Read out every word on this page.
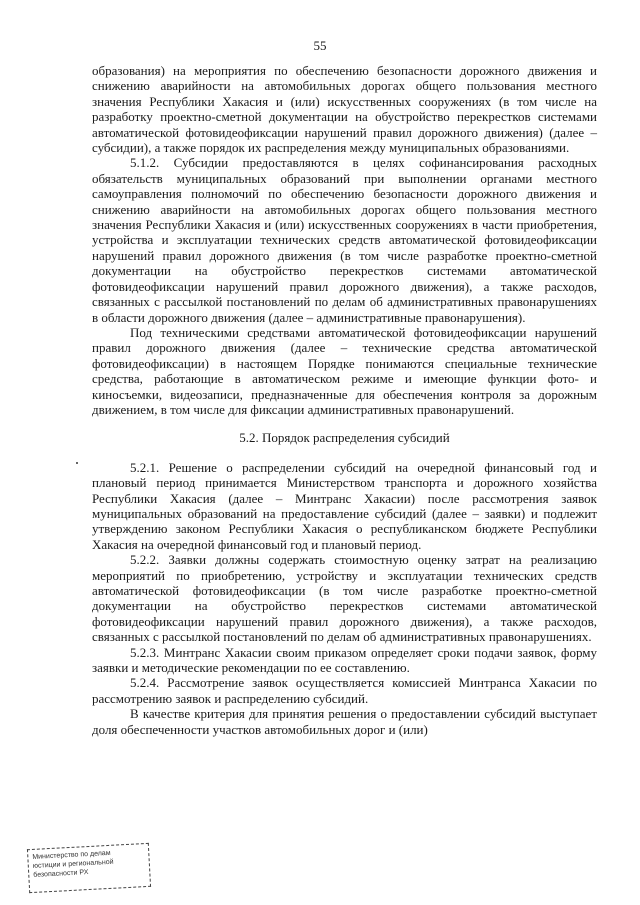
55

образования) на мероприятия по обеспечению безопасности дорожного движения и снижению аварийности на автомобильных дорогах общего пользования местного значения Республики Хакасия и (или) искусственных сооружениях (в том числе на разработку проектно-сметной документации на обустройство перекрестков системами автоматической фотовидеофиксации нарушений правил дорожного движения) (далее – субсидии), а также порядок их распределения между муниципальных образованиями.

5.1.2. Субсидии предоставляются в целях софинансирования расходных обязательств муниципальных образований при выполнении органами местного самоуправления полномочий по обеспечению безопасности дорожного движения и снижению аварийности на автомобильных дорогах общего пользования местного значения Республики Хакасия и (или) искусственных сооружениях в части приобретения, устройства и эксплуатации технических средств автоматической фотовидеофиксации нарушений правил дорожного движения (в том числе разработке проектно-сметной документации на обустройство перекрестков системами автоматической фотовидеофиксации нарушений правил дорожного движения), а также расходов, связанных с рассылкой постановлений по делам об административных правонарушениях в области дорожного движения (далее – административные правонарушения).

Под техническими средствами автоматической фотовидеофиксации нарушений правил дорожного движения (далее – технические средства автоматической фотовидеофиксации) в настоящем Порядке понимаются специальные технические средства, работающие в автоматическом режиме и имеющие функции фото- и киносъемки, видеозаписи, предназначенные для обеспечения контроля за дорожным движением, в том числе для фиксации административных правонарушений.

5.2. Порядок распределения субсидий

5.2.1. Решение о распределении субсидий на очередной финансовый год и плановый период принимается Министерством транспорта и дорожного хозяйства Республики Хакасия (далее – Минтранс Хакасии) после рассмотрения заявок муниципальных образований на предоставление субсидий (далее – заявки) и подлежит утверждению законом Республики Хакасия о республиканском бюджете Республики Хакасия на очередной финансовый год и плановый период.

5.2.2. Заявки должны содержать стоимостную оценку затрат на реализацию мероприятий по приобретению, устройству и эксплуатации технических средств автоматической фотовидеофиксации (в том числе разработке проектно-сметной документации на обустройство перекрестков системами автоматической фотовидеофиксации нарушений правил дорожного движения), а также расходов, связанных с рассылкой постановлений по делам об административных правонарушениях.

5.2.3. Минтранс Хакасии своим приказом определяет сроки подачи заявок, форму заявки и методические рекомендации по ее составлению.

5.2.4. Рассмотрение заявок осуществляется комиссией Минтранса Хакасии по рассмотрению заявок и распределению субсидий.

В качестве критерия для принятия решения о предоставлении субсидий выступает доля обеспеченности участков автомобильных дорог и (или)

Министерство по делам
юстиции и региональной
безопасности РХ
